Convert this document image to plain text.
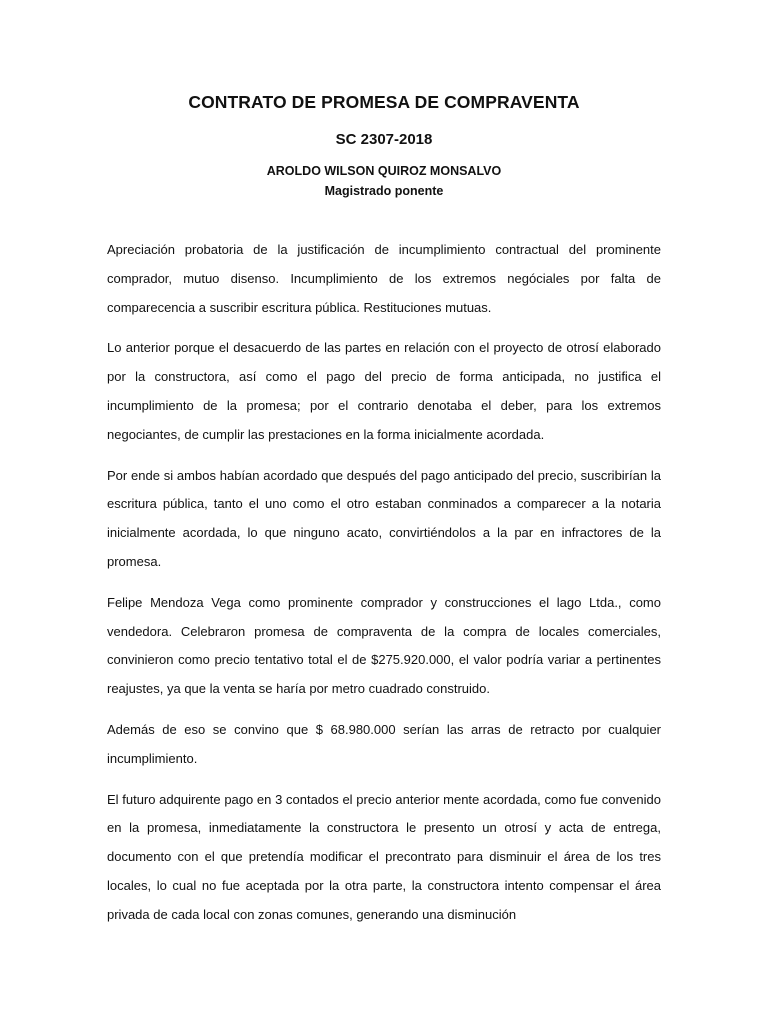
CONTRATO DE PROMESA DE COMPRAVENTA
SC 2307-2018
AROLDO WILSON QUIROZ MONSALVO
Magistrado ponente

Apreciación probatoria de la justificación de incumplimiento contractual del prominente comprador, mutuo disenso. Incumplimiento de los extremos negóciales por falta de comparecencia a suscribir escritura pública. Restituciones mutuas.

Lo anterior porque el desacuerdo de las partes en relación con el proyecto de otrosí elaborado por la constructora, así como el pago del precio de forma anticipada, no justifica el incumplimiento de la promesa; por el contrario denotaba el deber, para los extremos negociantes, de cumplir las prestaciones en la forma inicialmente acordada.

Por ende si ambos habían acordado que después del pago anticipado del precio, suscribirían la escritura pública, tanto el uno como el otro estaban conminados a comparecer a la notaria inicialmente acordada, lo que ninguno acato, convirtiéndolos a la par en infractores de la promesa.

Felipe Mendoza Vega como prominente comprador y construcciones el lago Ltda., como vendedora. Celebraron promesa de compraventa de la compra de locales comerciales, convinieron como precio tentativo total el de $275.920.000, el valor podría variar a pertinentes reajustes, ya que la venta se haría por metro cuadrado construido.

Además de eso se convino que $ 68.980.000 serían las arras de retracto por cualquier incumplimiento.

El futuro adquirente pago en 3 contados el precio anterior mente acordada, como fue convenido en la promesa, inmediatamente la constructora le presento un otrosí y acta de entrega, documento con el que pretendía modificar el precontrato para disminuir el área de los tres locales, lo cual no fue aceptada por la otra parte, la constructora intento compensar el área privada de cada local con zonas comunes, generando una disminución
